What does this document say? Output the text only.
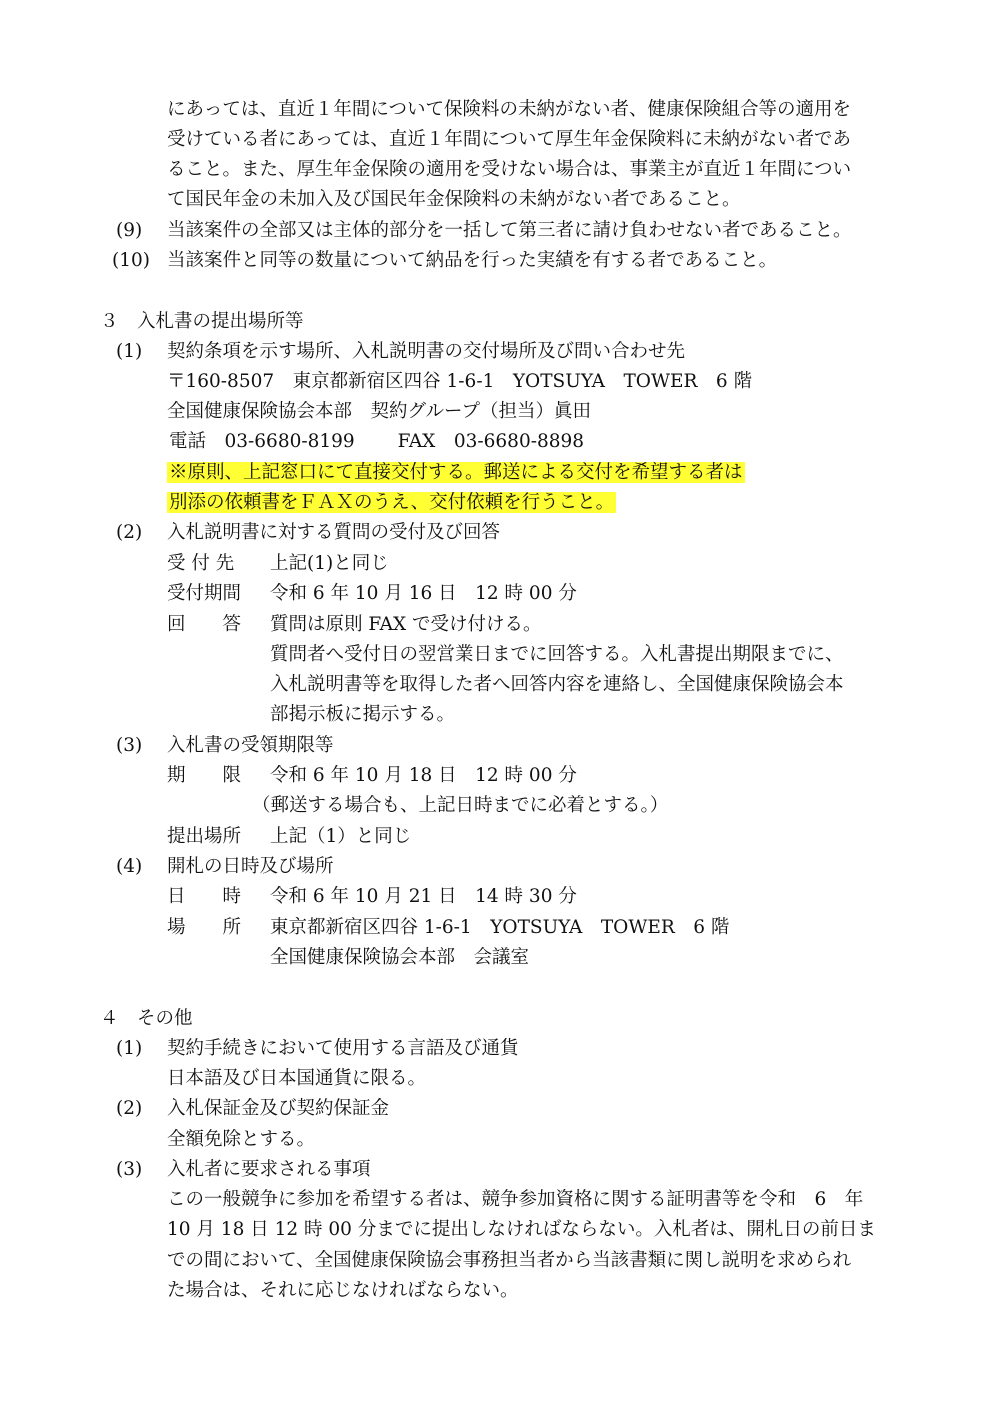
にあっては、直近１年間について保険料の未納がない者、健康保険組合等の適用を
受けている者にあっては、直近１年間について厚生年金保険料に未納がない者であ
ること。また、厚生年金保険の適用を受けない場合は、事業主が直近１年間につい
て国民年金の未加入及び国民年金保険料の未納がない者であること。
(9) 当該案件の全部又は主体的部分を一括して第三者に請け負わせない者であること。
(10) 当該案件と同等の数量について納品を行った実績を有する者であること。
３　入札書の提出場所等
(1) 契約条項を示す場所、入札説明書の交付場所及び問い合わせ先
〒160-8507　東京都新宿区四谷 1-6-1　YOTSUYA　TOWER　6 階
全国健康保険協会本部　契約グループ（担当）眞田
電話　03-6680-8199　　 FAX　03-6680-8898
※原則、上記窓口にて直接交付する。郵送による交付を希望する者は
別添の依頼書をＦＡＸのうえ、交付依頼を行うこと。
(2) 入札説明書に対する質問の受付及び回答
受 付 先 上記(1)と同じ
受付期間 令和 6 年 10 月 16 日　12 時 00 分
回　　答 質問は原則 FAX で受け付ける。
質問者へ受付日の翌営業日までに回答する。入札書提出期限までに、
入札説明書等を取得した者へ回答内容を連絡し、全国健康保険協会本
部掲示板に掲示する。
(3) 入札書の受領期限等
期　　限 令和 6 年 10 月 18 日　12 時 00 分
（郵送する場合も、上記日時までに必着とする。）
提出場所 上記（1）と同じ
(4) 開札の日時及び場所
日　　時 令和 6 年 10 月 21 日　14 時 30 分
場　　所 東京都新宿区四谷 1-6-1　YOTSUYA　TOWER　6 階
全国健康保険協会本部　会議室
４　その他
(1) 契約手続きにおいて使用する言語及び通貨
日本語及び日本国通貨に限る。
(2) 入札保証金及び契約保証金
全額免除とする。
(3) 入札者に要求される事項
この一般競争に参加を希望する者は、競争参加資格に関する証明書等を令和　6　年
10 月 18 日 12 時 00 分までに提出しなければならない。入札者は、開札日の前日ま
での間において、全国健康保険協会事務担当者から当該書類に関し説明を求められ
た場合は、それに応じなければならない。
